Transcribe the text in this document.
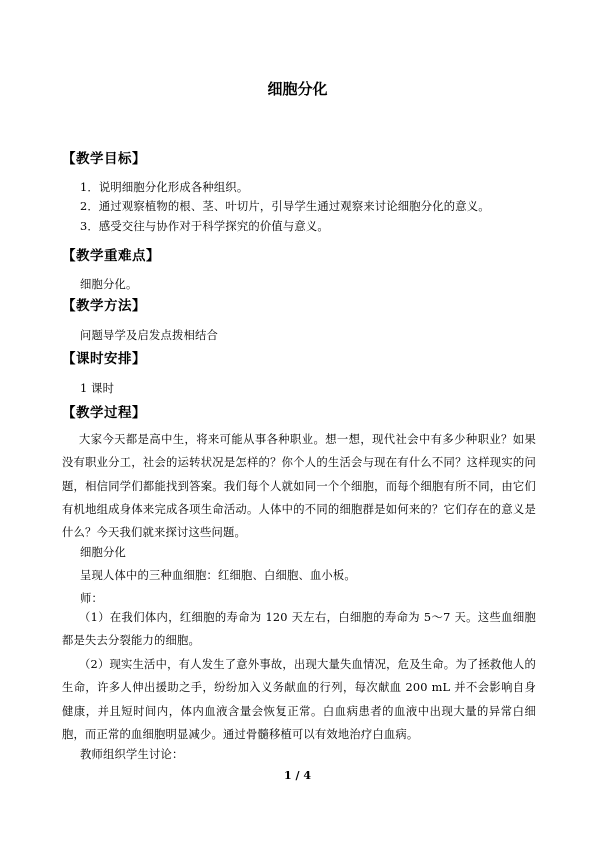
细胞分化
【教学目标】
1．说明细胞分化形成各种组织。
2．通过观察植物的根、茎、叶切片，引导学生通过观察来讨论细胞分化的意义。
3．感受交往与协作对于科学探究的价值与意义。
【教学重难点】
细胞分化。
【教学方法】
问题导学及启发点拨相结合
【课时安排】
1 课时
【教学过程】
大家今天都是高中生，将来可能从事各种职业。想一想，现代社会中有多少种职业？如果没有职业分工，社会的运转状况是怎样的？你个人的生活会与现在有什么不同？这样现实的问题，相信同学们都能找到答案。我们每个人就如同一个个细胞，而每个细胞有所不同，由它们有机地组成身体来完成各项生命活动。人体中的不同的细胞群是如何来的？它们存在的意义是什么？今天我们就来探讨这些问题。
细胞分化
呈现人体中的三种血细胞：红细胞、白细胞、血小板。
师：
（1）在我们体内，红细胞的寿命为 120 天左右，白细胞的寿命为 5～7 天。这些血细胞都是失去分裂能力的细胞。
（2）现实生活中，有人发生了意外事故，出现大量失血情况，危及生命。为了拯救他人的生命，许多人伸出援助之手，纷纷加入义务献血的行列，每次献血 200 mL 并不会影响自身健康，并且短时间内，体内血液含量会恢复正常。白血病患者的血液中出现大量的异常白细胞，而正常的血细胞明显减少。通过骨髓移植可以有效地治疗白血病。
教师组织学生讨论：
1 / 4
